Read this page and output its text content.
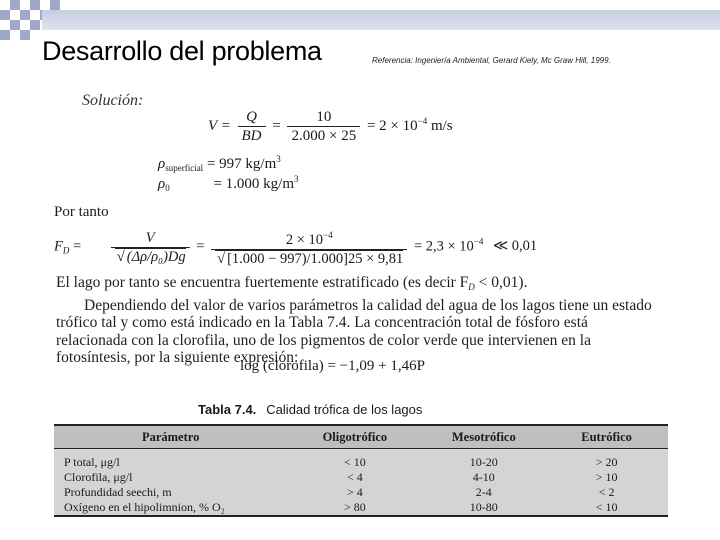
Desarrollo del problema	Referencia: Ingeniería Ambiental, Gerard Kiely, Mc Graw Hill, 1999.
Solución:
$V = \frac{Q}{BD} = \frac{10}{2.000 \times 25} = 2 \times 10^{-4}$ m/s
$\rho_{superficial} = 997$ $kg/m^3$
$\rho_0$	= 1.000 $kg/m^3$
Por tanto
$F_D = \frac{V}{\text{√ (Δρ/ρ₀)Dg}} = \frac{2 \times 10^{-4}}{√ [1.000 - 997)/1.000]25 \times 9,81} = 2,3 \times 10^{-4}$ ≪ 0,01

El lago por tanto se encuentra fuertemente estratificado (es decir $F_D < 0,01$).

Dependiendo del valor de varios parámetros la calidad del agua de los lagos tiene un estado trófico tal y como está indicado en la Tabla 7.4. La concentración total de fósforo está relacionada con la clorofila, uno de los pigmentos de color verde que intervienen en la fotosíntesis, por la siguiente expresión:

log (clorofila) = −1,09 + 1,46P
Tabla 7.4. Calidad trófica de los lagos
Parámetro	Oligotrófico	Mesotrófico	Eutrófico

P total, μg/l	< 10	10-20	> 20
Clorofila, μg/l	< 4	4-10	> 10
Profundidad seechi, m	> 4	2-4	< 2
Oxígeno en el hipolimnion, % O₂	> 80	10-80	< 10
